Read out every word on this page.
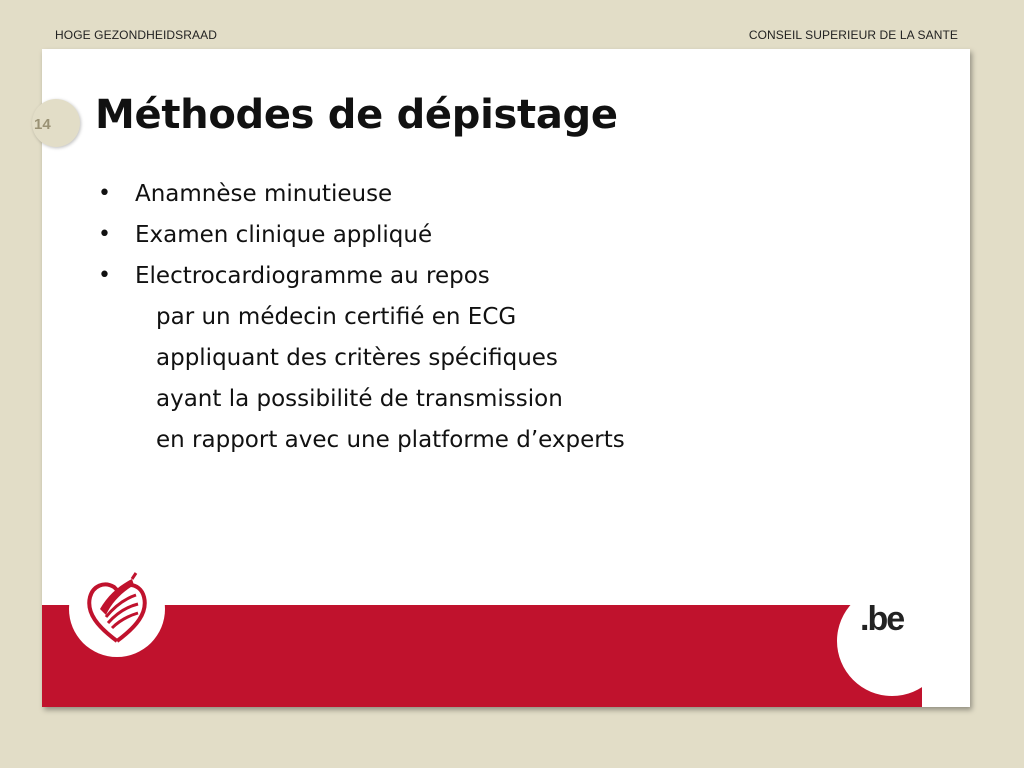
HOGE GEZONDHEIDSRAAD	CONSEIL SUPERIEUR DE LA SANTE
.be
14 Méthodes de dépistage
• Anamnèse minutieuse
• Examen clinique appliqué
• Electrocardiogramme au repos
par un médecin certifié en ECG
appliquant des critères spécifiques
ayant la possibilité de transmission
en rapport avec une platforme d’experts
